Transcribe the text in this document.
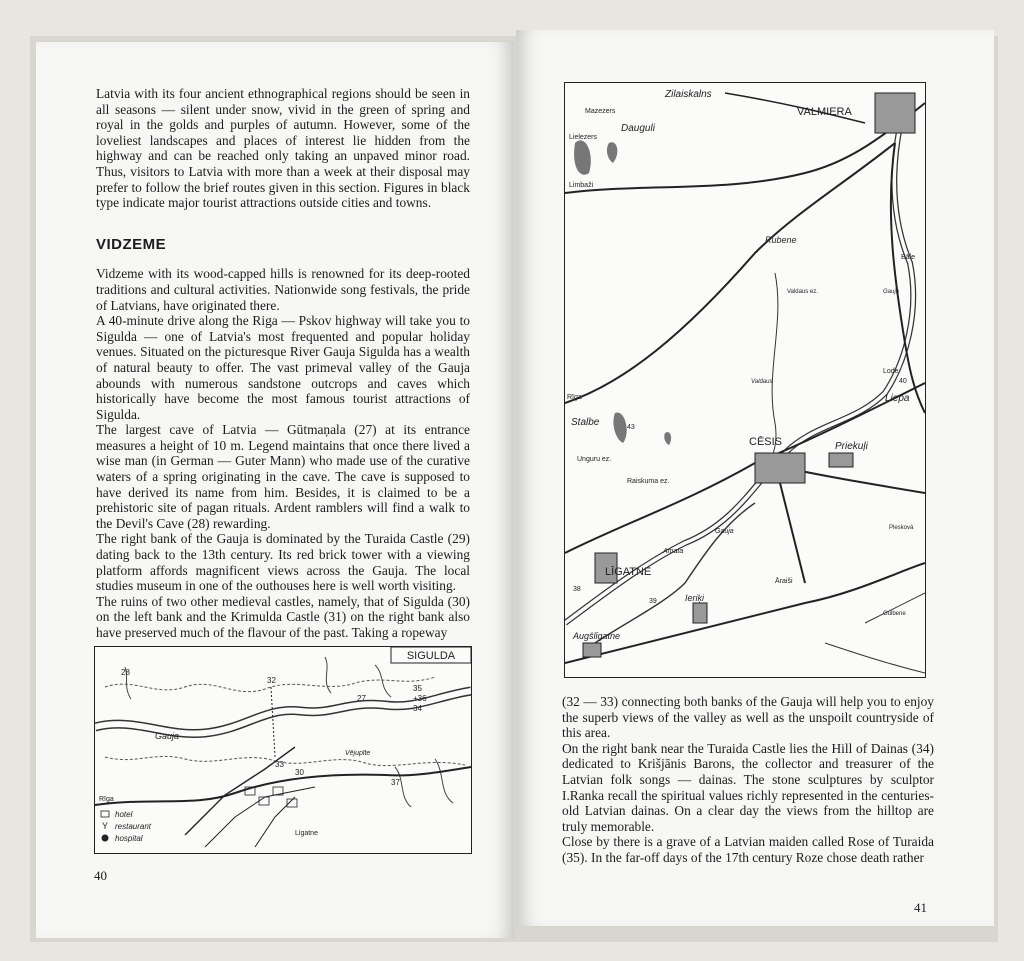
Latvia with its four ancient ethnographical regions should be seen in all seasons — silent under snow, vivid in the green of spring and royal in the golds and purples of autumn. However, some of the loveliest landscapes and places of interest lie hidden from the highway and can be reached only taking an unpaved minor road. Thus, visitors to Latvia with more than a week at their disposal may prefer to follow the brief routes given in this section. Figures in black type indicate major tourist attractions outside cities and towns.

VIDZEME

Vidzeme with its wood-capped hills is renowned for its deep-rooted traditions and cultural activities. Nationwide song festivals, the pride of Latvians, have originated there.

A 40-minute drive along the Riga — Pskov highway will take you to Sigulda — one of Latvia's most frequented and popular holiday venues. Situated on the picturesque River Gauja Sigulda has a wealth of natural beauty to offer. The vast primeval valley of the Gauja abounds with numerous sandstone outcrops and caves which historically have become the most famous tourist attractions of Sigulda.

The largest cave of Latvia — Gūtmaņala (27) at its entrance measures a height of 10 m. Legend maintains that once there lived a wise man (in German — Guter Mann) who made use of the curative waters of a spring originating in the cave. The cave is supposed to have derived its name from him. Besides, it is claimed to be a prehistoric site of pagan rituals. Ardent ramblers will find a walk to the Devil's Cave (28) rewarding.

The right bank of the Gauja is dominated by the Turaida Castle (29) dating back to the 13th century. Its red brick tower with a viewing platform affords magnificent views across the Gauja. The local studies museum in one of the outhouses here is well worth visiting.

The ruins of two other medieval castles, namely, that of Sigulda (30) on the left bank and the Krimulda Castle (31) on the right bank also have preserved much of the flavour of the past. Taking a ropeway

SIGULDA
28
32
27
35
+36
34
33
30
37
Gauja
Rīga
Vējupīte
Ligatne
hotel
Y restaurant
hospital
40
Zilaiskalns
VALMIERA
Mazezers
Lielezers
Dauguli
Limbaži
Rubene
Bāle
Valdaus ez.
Lode
Liepa
Rīga
Stalbe
Unguru ez.
CĒSIS	Priekuļi
Raiskuma ez.
Gauja
Amata
Āraiši
LĪGATNE
Ieriķi
Augšlīgatne
Plesková
Gulbene
Valdaus
Gauja
43
38
39
40

(32 — 33) connecting both banks of the Gauja will help you to enjoy the superb views of the valley as well as the unspoilt countryside of this area.

On the right bank near the Turaida Castle lies the Hill of Dainas (34) dedicated to Krišjānis Barons, the collector and treasurer of the Latvian folk songs — dainas. The stone sculptures by sculptor I.Ranka recall the spiritual values richly represented in the centuries-old Latvian dainas. On a clear day the views from the hilltop are truly memorable.

Close by there is a grave of a Latvian maiden called Rose of Turaida (35). In the far-off days of the 17th century Roze chose death rather

41
